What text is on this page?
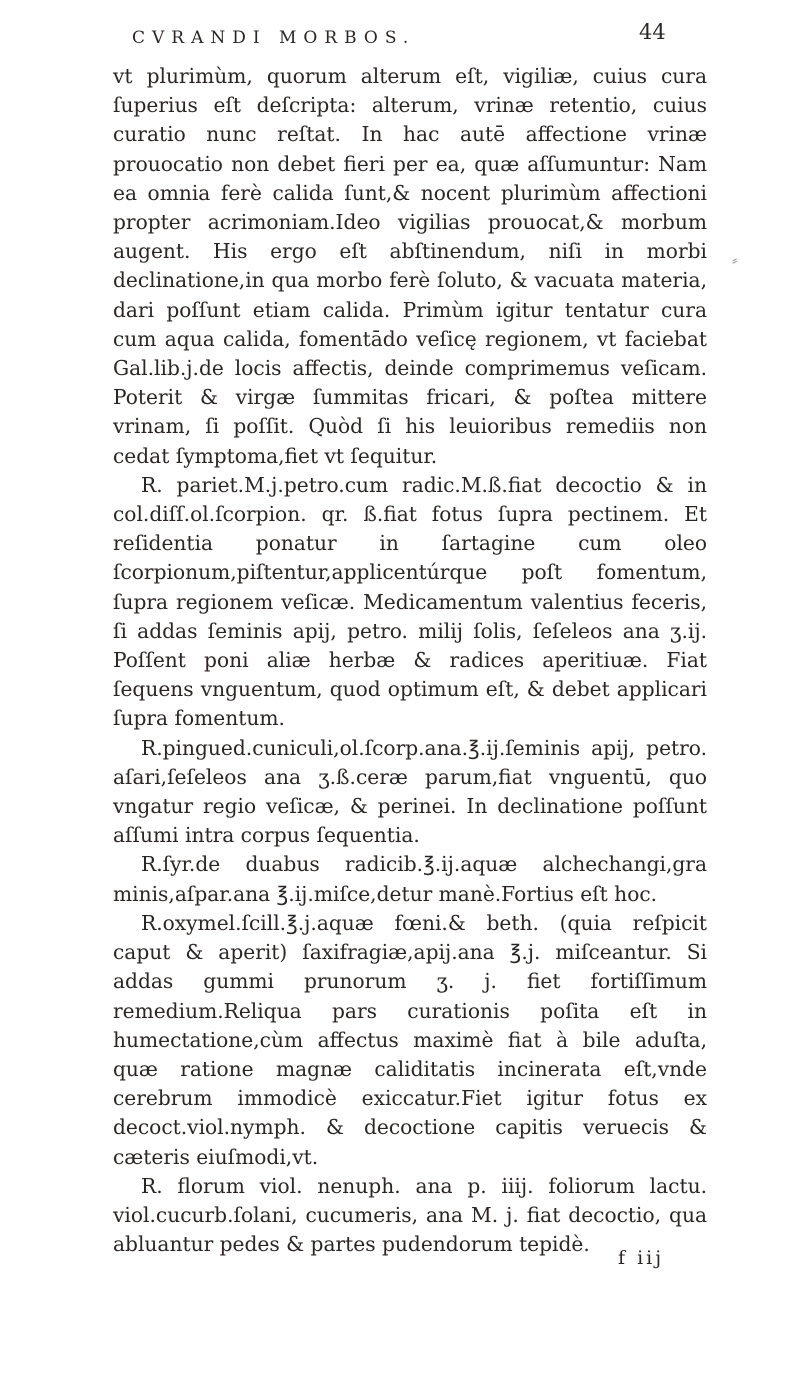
CVRANDI MORBOS.	44

vt plurimùm, quorum alterum eſt, vigiliæ, cuius cura ſuperius eſt deſcripta: alterum, vrinæ retentio, cuius curatio nunc reſtat. In hac autē affectione vrinæ prouocatio non debet fieri per ea, quæ aſſumuntur: Nam ea omnia ferè calida ſunt,& nocent plurimùm affectioni propter acrimoniam.Ideo vigilias prouocat,& morbum augent. His ergo eſt abſtinendum, niſi in morbi declinatione,in qua morbo ferè ſoluto, & vacuata materia, dari poſſunt etiam calida. Primùm igitur tentatur cura cum aqua calida, fomentādo veſicę regionem, vt faciebat Gal.lib.j.de locis affectis, deinde comprimemus veſicam. Poterit & virgæ ſummitas fricari, & poſtea mittere vrinam, ſi poſſit. Quòd ſi his leuioribus remediis non cedat ſymptoma,fiet vt ſequitur.

R. pariet.M.j.petro.cum radic.M.ß.fiat decoctio & in col.diſſ.ol.ſcorpion. qr. ß.fiat fotus ſupra pectinem. Et reſidentia ponatur in ſartagine cum oleo ſcorpionum,piſtentur,applicentúrque poſt fomentum, ſupra regionem veſicæ. Medicamentum valentius feceris, ſi addas ſeminis apij, petro. milij ſolis, ſeſeleos ana ʒ.ij. Poſſent poni aliæ herbæ & radices aperitiuæ. Fiat ſequens vnguentum, quod optimum eſt, & debet applicari ſupra fomentum.

R.pingued.cuniculi,ol.ſcorp.ana.℥.ij.ſeminis apij, petro. aſari,ſeſeleos ana ʒ.ß.ceræ parum,fiat vnguentū, quo vngatur regio veſicæ, & perinei. In declinatione poſſunt aſſumi intra corpus ſequentia.

R.ſyr.de duabus radicib.℥.ij.aquæ alchechangi,gra minis,aſpar.ana ℥.ij.miſce,detur manè.Fortius eſt hoc.

R.oxymel.ſcill.℥.j.aquæ fœni.& beth. (quia reſpicit caput & aperit) ſaxifragiæ,apij.ana ℥.j. miſceantur. Si addas gummi prunorum ʒ. j. fiet fortiſſimum remedium.Reliqua pars curationis poſita eſt in humectatione,cùm affectus maximè fiat à bile aduſta, quæ ratione magnæ caliditatis incinerata eſt,vnde cerebrum immodicè exiccatur.Fiet igitur fotus ex decoct.viol.nymph. & decoctione capitis veruecis & cæteris eiuſmodi,vt.

R. florum viol. nenuph. ana p. iiij. foliorum lactu. viol.cucurb.ſolani, cucumeris, ana M. j. fiat decoctio, qua abluantur pedes & partes pudendorum tepidè.

f iij
⸗
